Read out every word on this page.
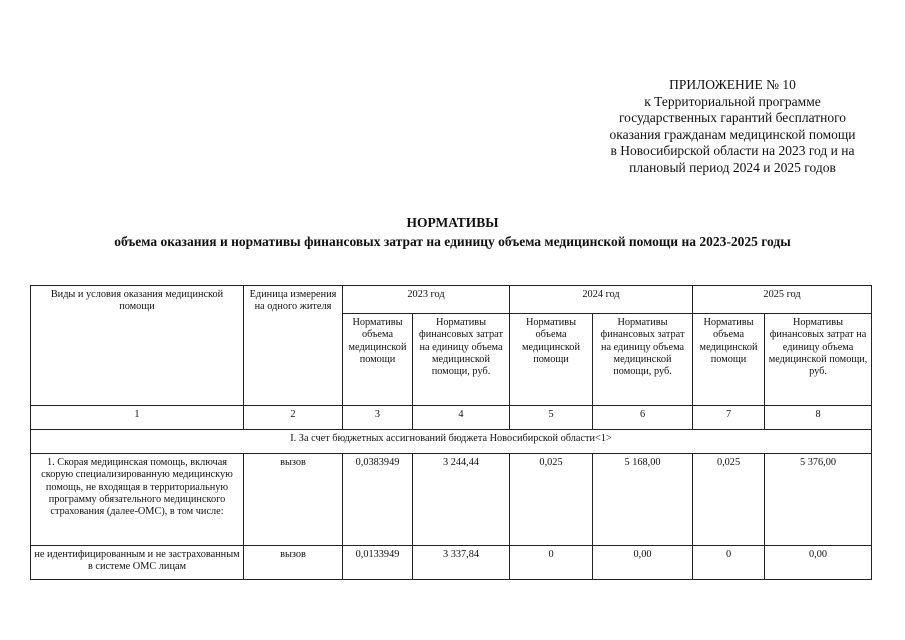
ПРИЛОЖЕНИЕ № 10
к Территориальной программе
государственных гарантий бесплатного
оказания гражданам медицинской помощи
в Новосибирской области на 2023 год и на
плановый период 2024 и 2025 годов
НОРМАТИВЫ
объема оказания и нормативы финансовых затрат на единицу объема медицинской помощи на 2023-2025 годы
Виды и условия оказания медицинской помощи	Единица измерения на одного жителя	2023 год		2024 год		2025 год	
		Нормативы объема медицинской помощи	Нормативы финансовых затрат на единицу объема медицинской помощи, руб.	Нормативы объема медицинской помощи	Нормативы финансовых затрат на единицу объема медицинской помощи, руб.	Нормативы объема медицинской помощи	Нормативы финансовых затрат на единицу объема медицинской помощи, руб.
1	2	3	4	5	6	7	8
I. За счет бюджетных ассигнований бюджета Новосибирской области<1>							
1. Скорая медицинская помощь, включая скорую специализированную медицинскую помощь, не входящая в территориальную программу обязательного медицинского страхования (далее-ОМС), в том числе:	вызов	0,0383949	3 244,44	0,025	5 168,00	0,025	5 376,00
не идентифицированным и не застрахованным в системе ОМС лицам	вызов	0,0133949	3 337,84	0	0,00	0	0,00
